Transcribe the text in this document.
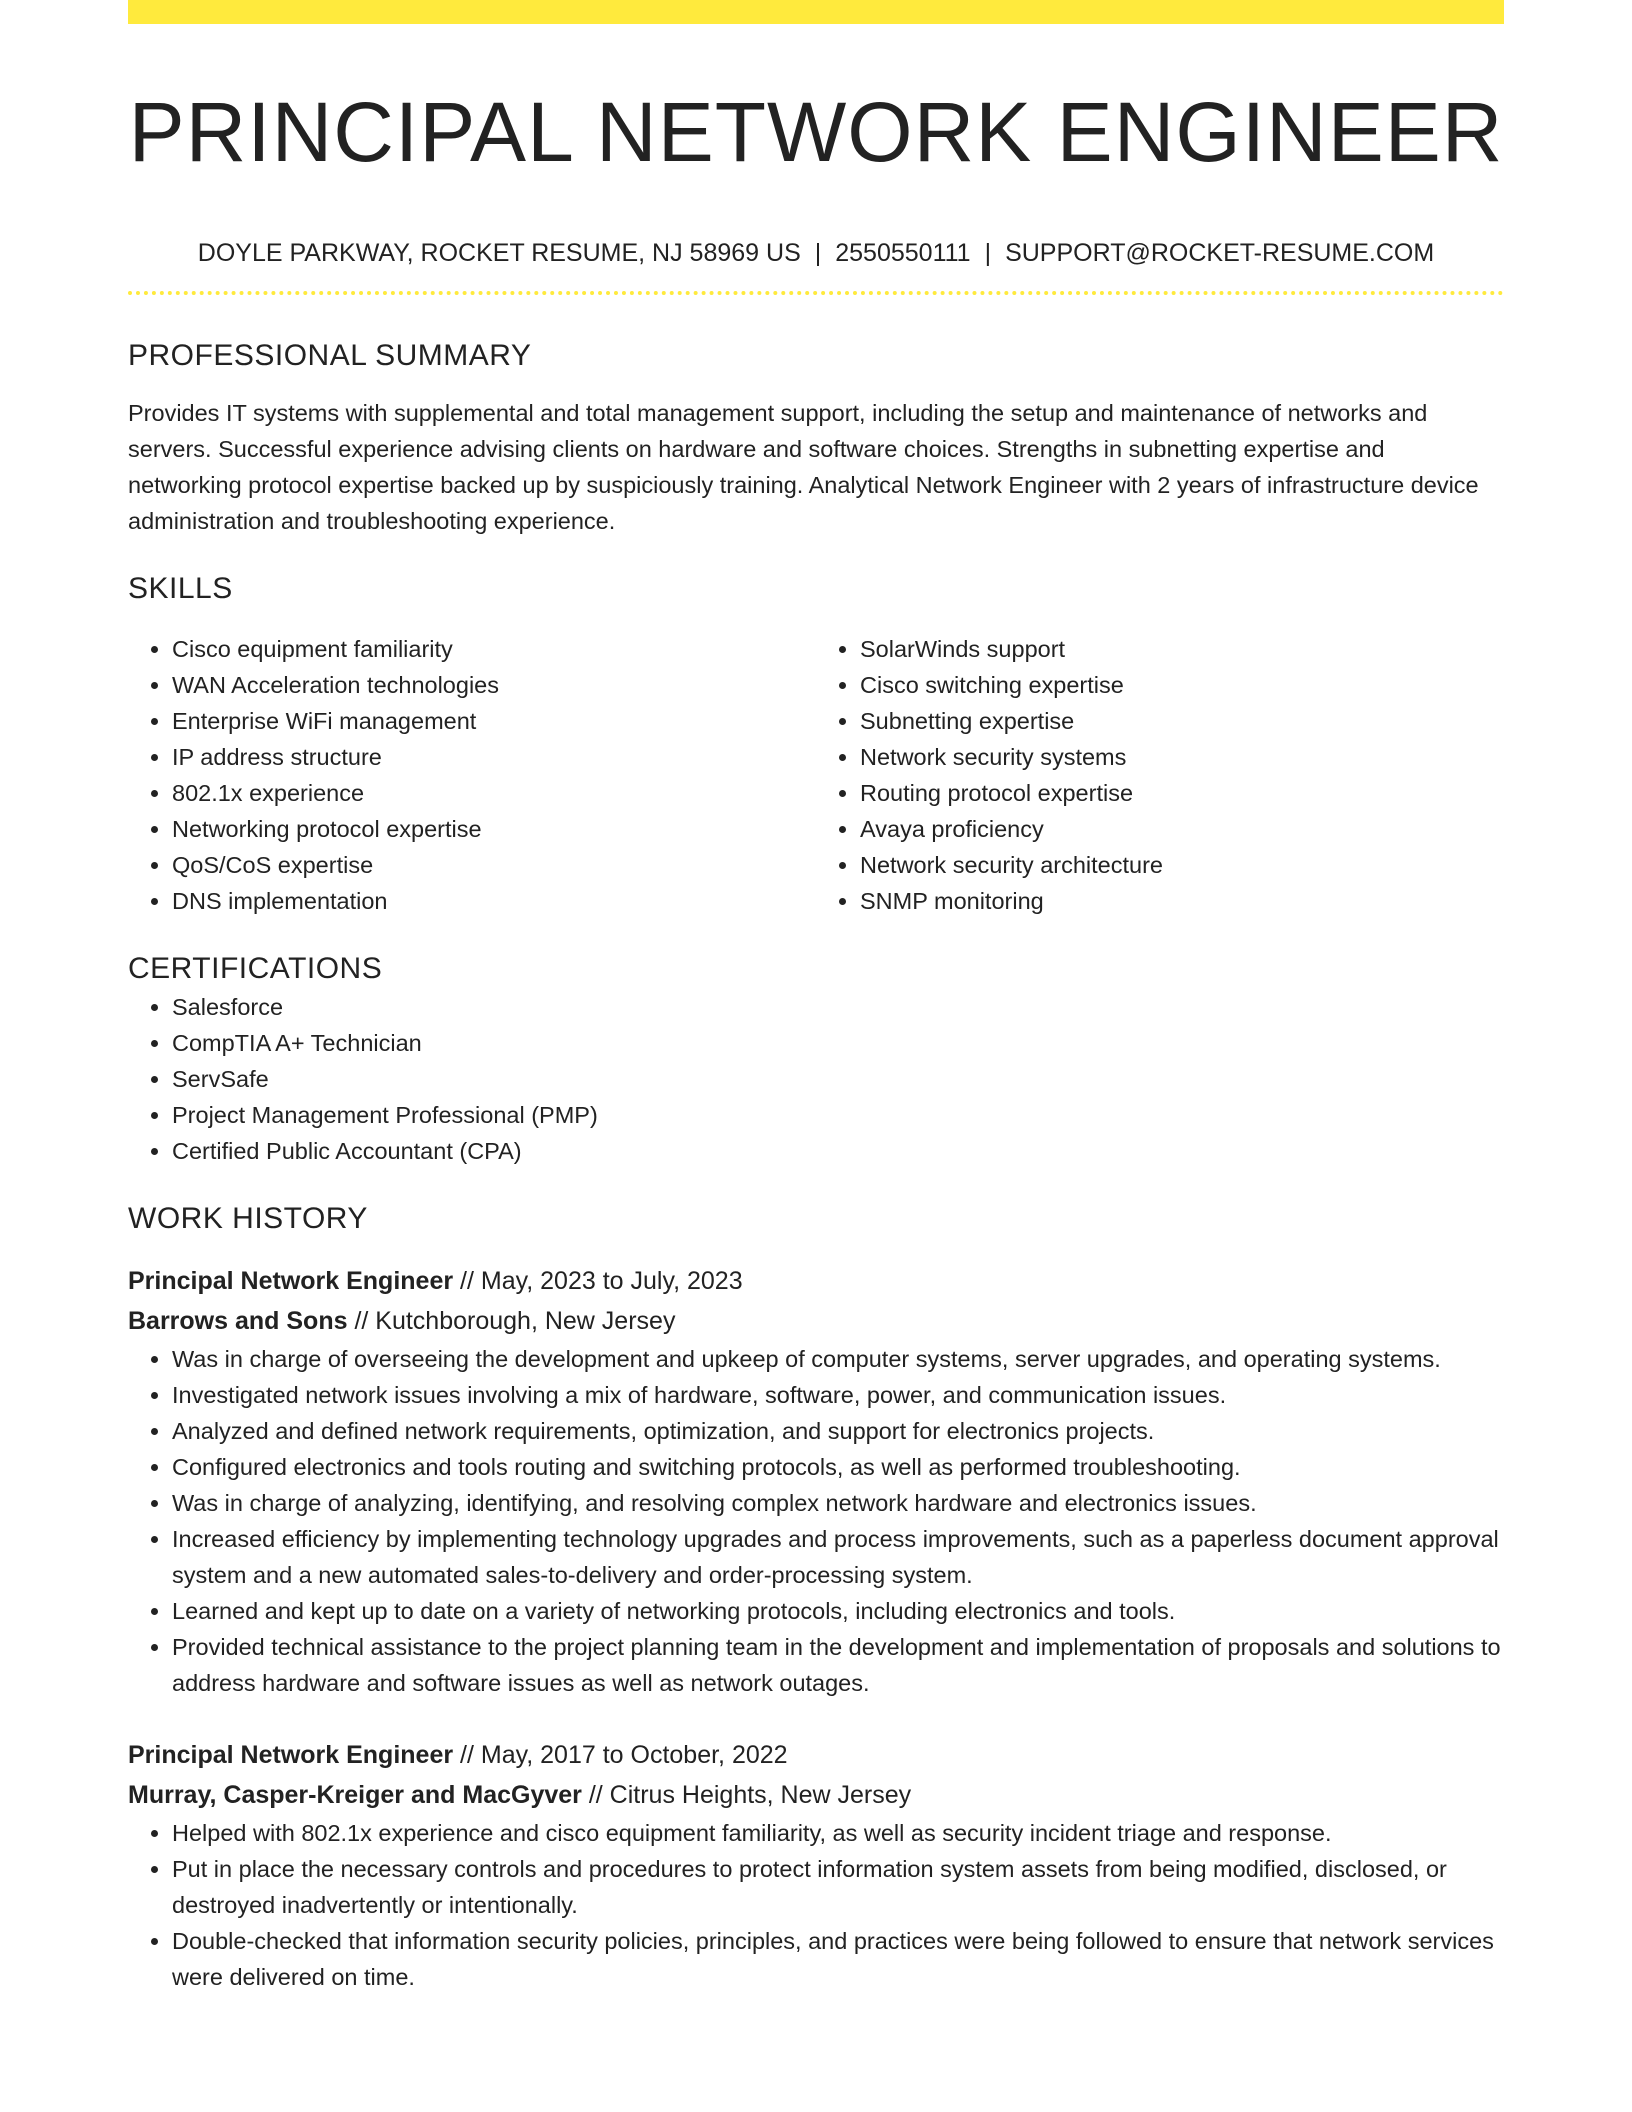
PRINCIPAL NETWORK ENGINEER
DOYLE PARKWAY, ROCKET RESUME, NJ 58969 US | 2550550111 | SUPPORT@ROCKET-RESUME.COM
PROFESSIONAL SUMMARY

Provides IT systems with supplemental and total management support, including the setup and maintenance of networks and servers. Successful experience advising clients on hardware and software choices. Strengths in subnetting expertise and networking protocol expertise backed up by suspiciously training. Analytical Network Engineer with 2 years of infrastructure device administration and troubleshooting experience.

SKILLS
• Cisco equipment familiarity
• WAN Acceleration technologies
• Enterprise WiFi management
• IP address structure
• 802.1x experience
• Networking protocol expertise
• QoS/CoS expertise
• DNS implementation
• SolarWinds support
• Cisco switching expertise
• Subnetting expertise
• Network security systems
• Routing protocol expertise
• Avaya proficiency
• Network security architecture
• SNMP monitoring
CERTIFICATIONS
• Salesforce
• CompTIA A+ Technician
• ServSafe
• Project Management Professional (PMP)
• Certified Public Accountant (CPA)
WORK HISTORY
Principal Network Engineer // May, 2023 to July, 2023
Barrows and Sons // Kutchborough, New Jersey
• Was in charge of overseeing the development and upkeep of computer systems, server upgrades, and operating systems.
• Investigated network issues involving a mix of hardware, software, power, and communication issues.
• Analyzed and defined network requirements, optimization, and support for electronics projects.
• Configured electronics and tools routing and switching protocols, as well as performed troubleshooting.
• Was in charge of analyzing, identifying, and resolving complex network hardware and electronics issues.
• Increased efficiency by implementing technology upgrades and process improvements, such as a paperless document approval system and a new automated sales-to-delivery and order-processing system.
• Learned and kept up to date on a variety of networking protocols, including electronics and tools.
• Provided technical assistance to the project planning team in the development and implementation of proposals and solutions to address hardware and software issues as well as network outages.
Principal Network Engineer // May, 2017 to October, 2022
Murray, Casper-Kreiger and MacGyver // Citrus Heights, New Jersey
• Helped with 802.1x experience and cisco equipment familiarity, as well as security incident triage and response.
• Put in place the necessary controls and procedures to protect information system assets from being modified, disclosed, or destroyed inadvertently or intentionally.
• Double-checked that information security policies, principles, and practices were being followed to ensure that network services were delivered on time.
